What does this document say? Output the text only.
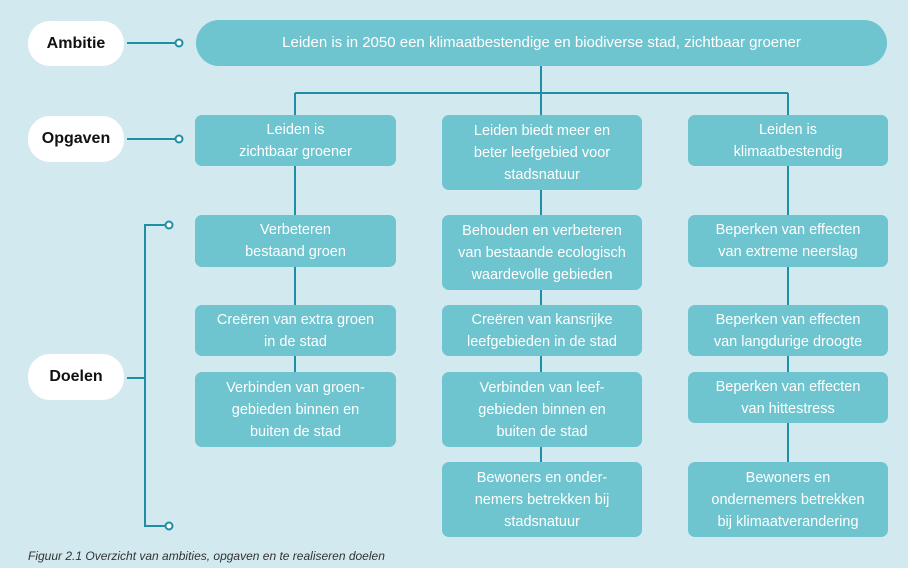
Ambitie
Opgaven
Doelen
Leiden is in 2050 een klimaatbestendige en biodiverse stad, zichtbaar groener
Leiden is
zichtbaar groener
Leiden biedt meer en
beter leefgebied voor
stadsnatuur
Leiden is
klimaatbestendig
Verbeteren
bestaand groen
Creëren van extra groen
in de stad
Verbinden van groen-
gebieden binnen en
buiten de stad
Behouden en verbeteren
van bestaande ecologisch
waardevolle gebieden
Creëren van kansrijke
leefgebieden in de stad
Verbinden van leef-
gebieden binnen en
buiten de stad
Bewoners en onder-
nemers betrekken bij
stadsnatuur
Beperken van effecten
van extreme neerslag
Beperken van effecten
van langdurige droogte
Beperken van effecten
van hittestress
Bewoners en
ondernemers betrekken
bij klimaatverandering
Figuur 2.1 Overzicht van ambities, opgaven en te realiseren doelen
